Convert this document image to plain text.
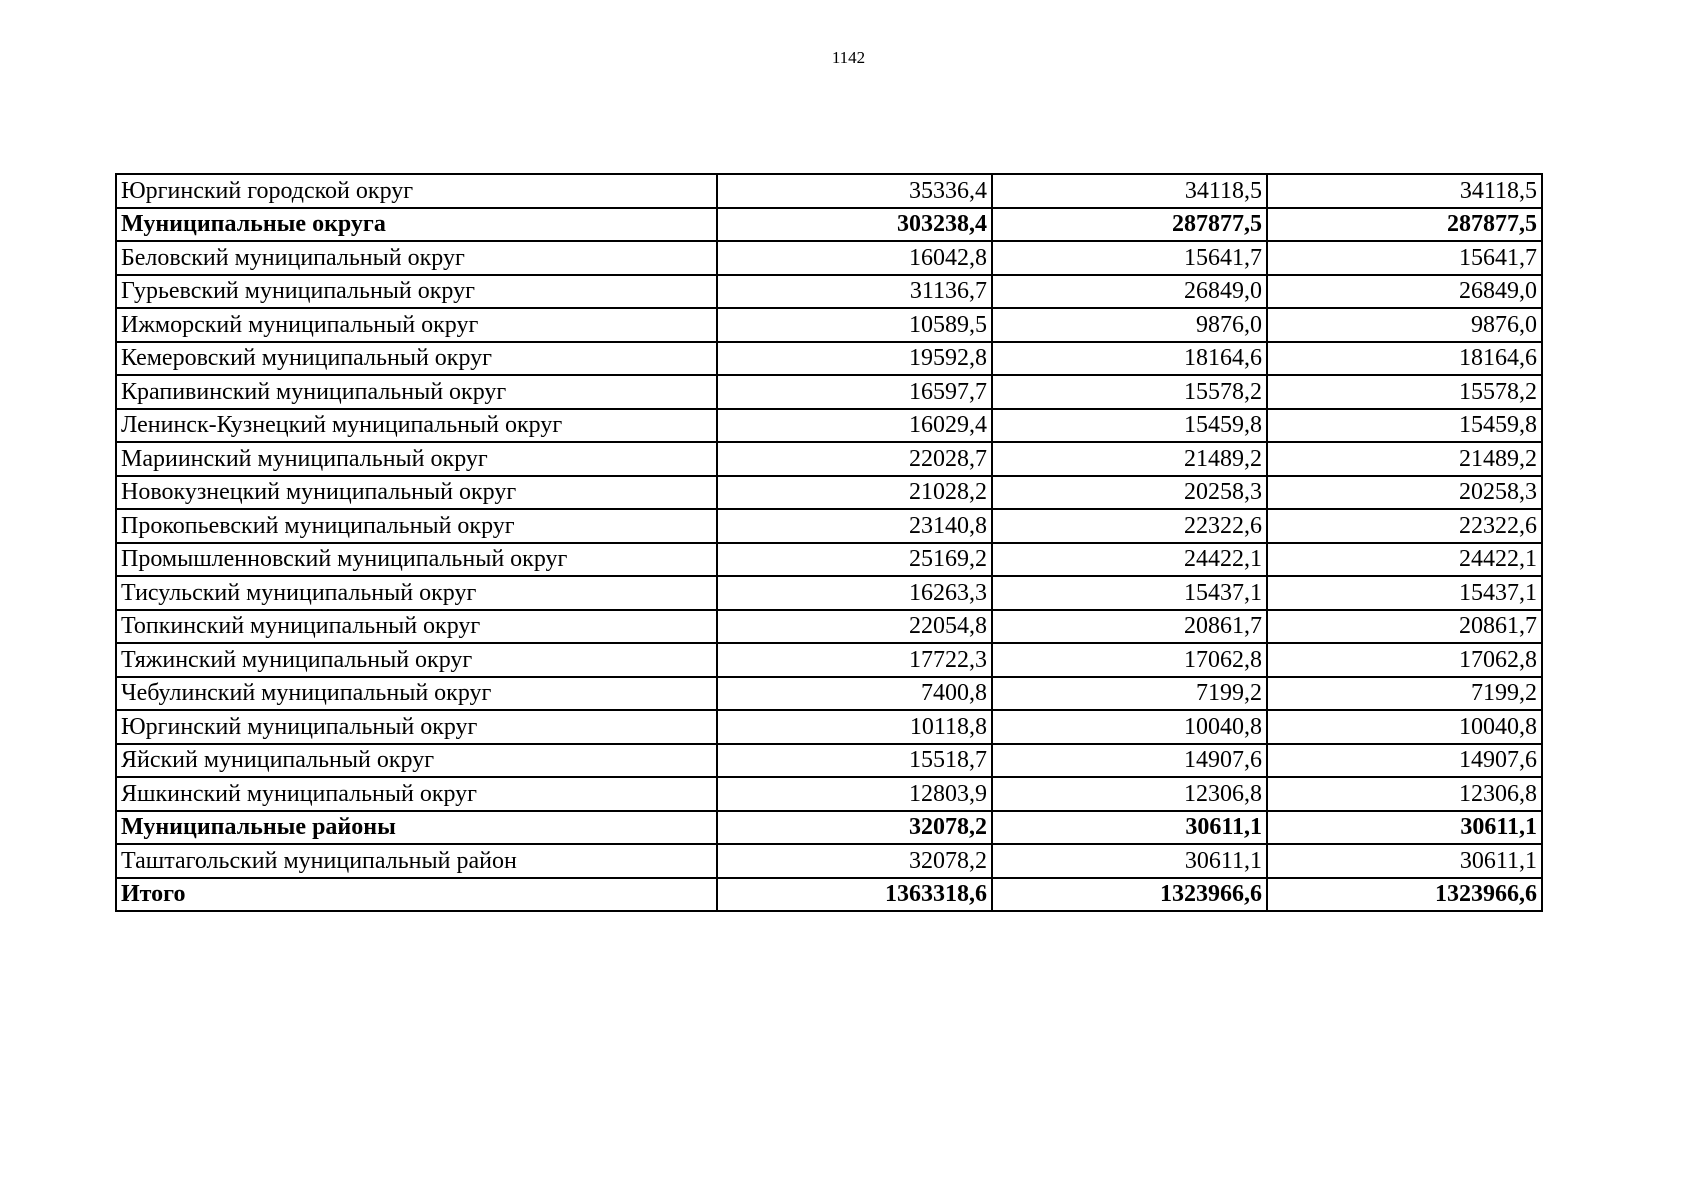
1142
Юргинский городской округ	35336,4	34118,5	34118,5
Муниципальные округа	303238,4	287877,5	287877,5
Беловский муниципальный округ	16042,8	15641,7	15641,7
Гурьевский муниципальный округ	31136,7	26849,0	26849,0
Ижморский муниципальный округ	10589,5	9876,0	9876,0
Кемеровский муниципальный округ	19592,8	18164,6	18164,6
Крапивинский муниципальный округ	16597,7	15578,2	15578,2
Ленинск-Кузнецкий муниципальный округ	16029,4	15459,8	15459,8
Мариинский муниципальный округ	22028,7	21489,2	21489,2
Новокузнецкий муниципальный округ	21028,2	20258,3	20258,3
Прокопьевский муниципальный округ	23140,8	22322,6	22322,6
Промышленновский муниципальный округ	25169,2	24422,1	24422,1
Тисульский муниципальный округ	16263,3	15437,1	15437,1
Топкинский муниципальный округ	22054,8	20861,7	20861,7
Тяжинский муниципальный округ	17722,3	17062,8	17062,8
Чебулинский муниципальный округ	7400,8	7199,2	7199,2
Юргинский муниципальный округ	10118,8	10040,8	10040,8
Яйский муниципальный округ	15518,7	14907,6	14907,6
Яшкинский муниципальный округ	12803,9	12306,8	12306,8
Муниципальные районы	32078,2	30611,1	30611,1
Таштагольский муниципальный район	32078,2	30611,1	30611,1
Итого	1363318,6	1323966,6	1323966,6
